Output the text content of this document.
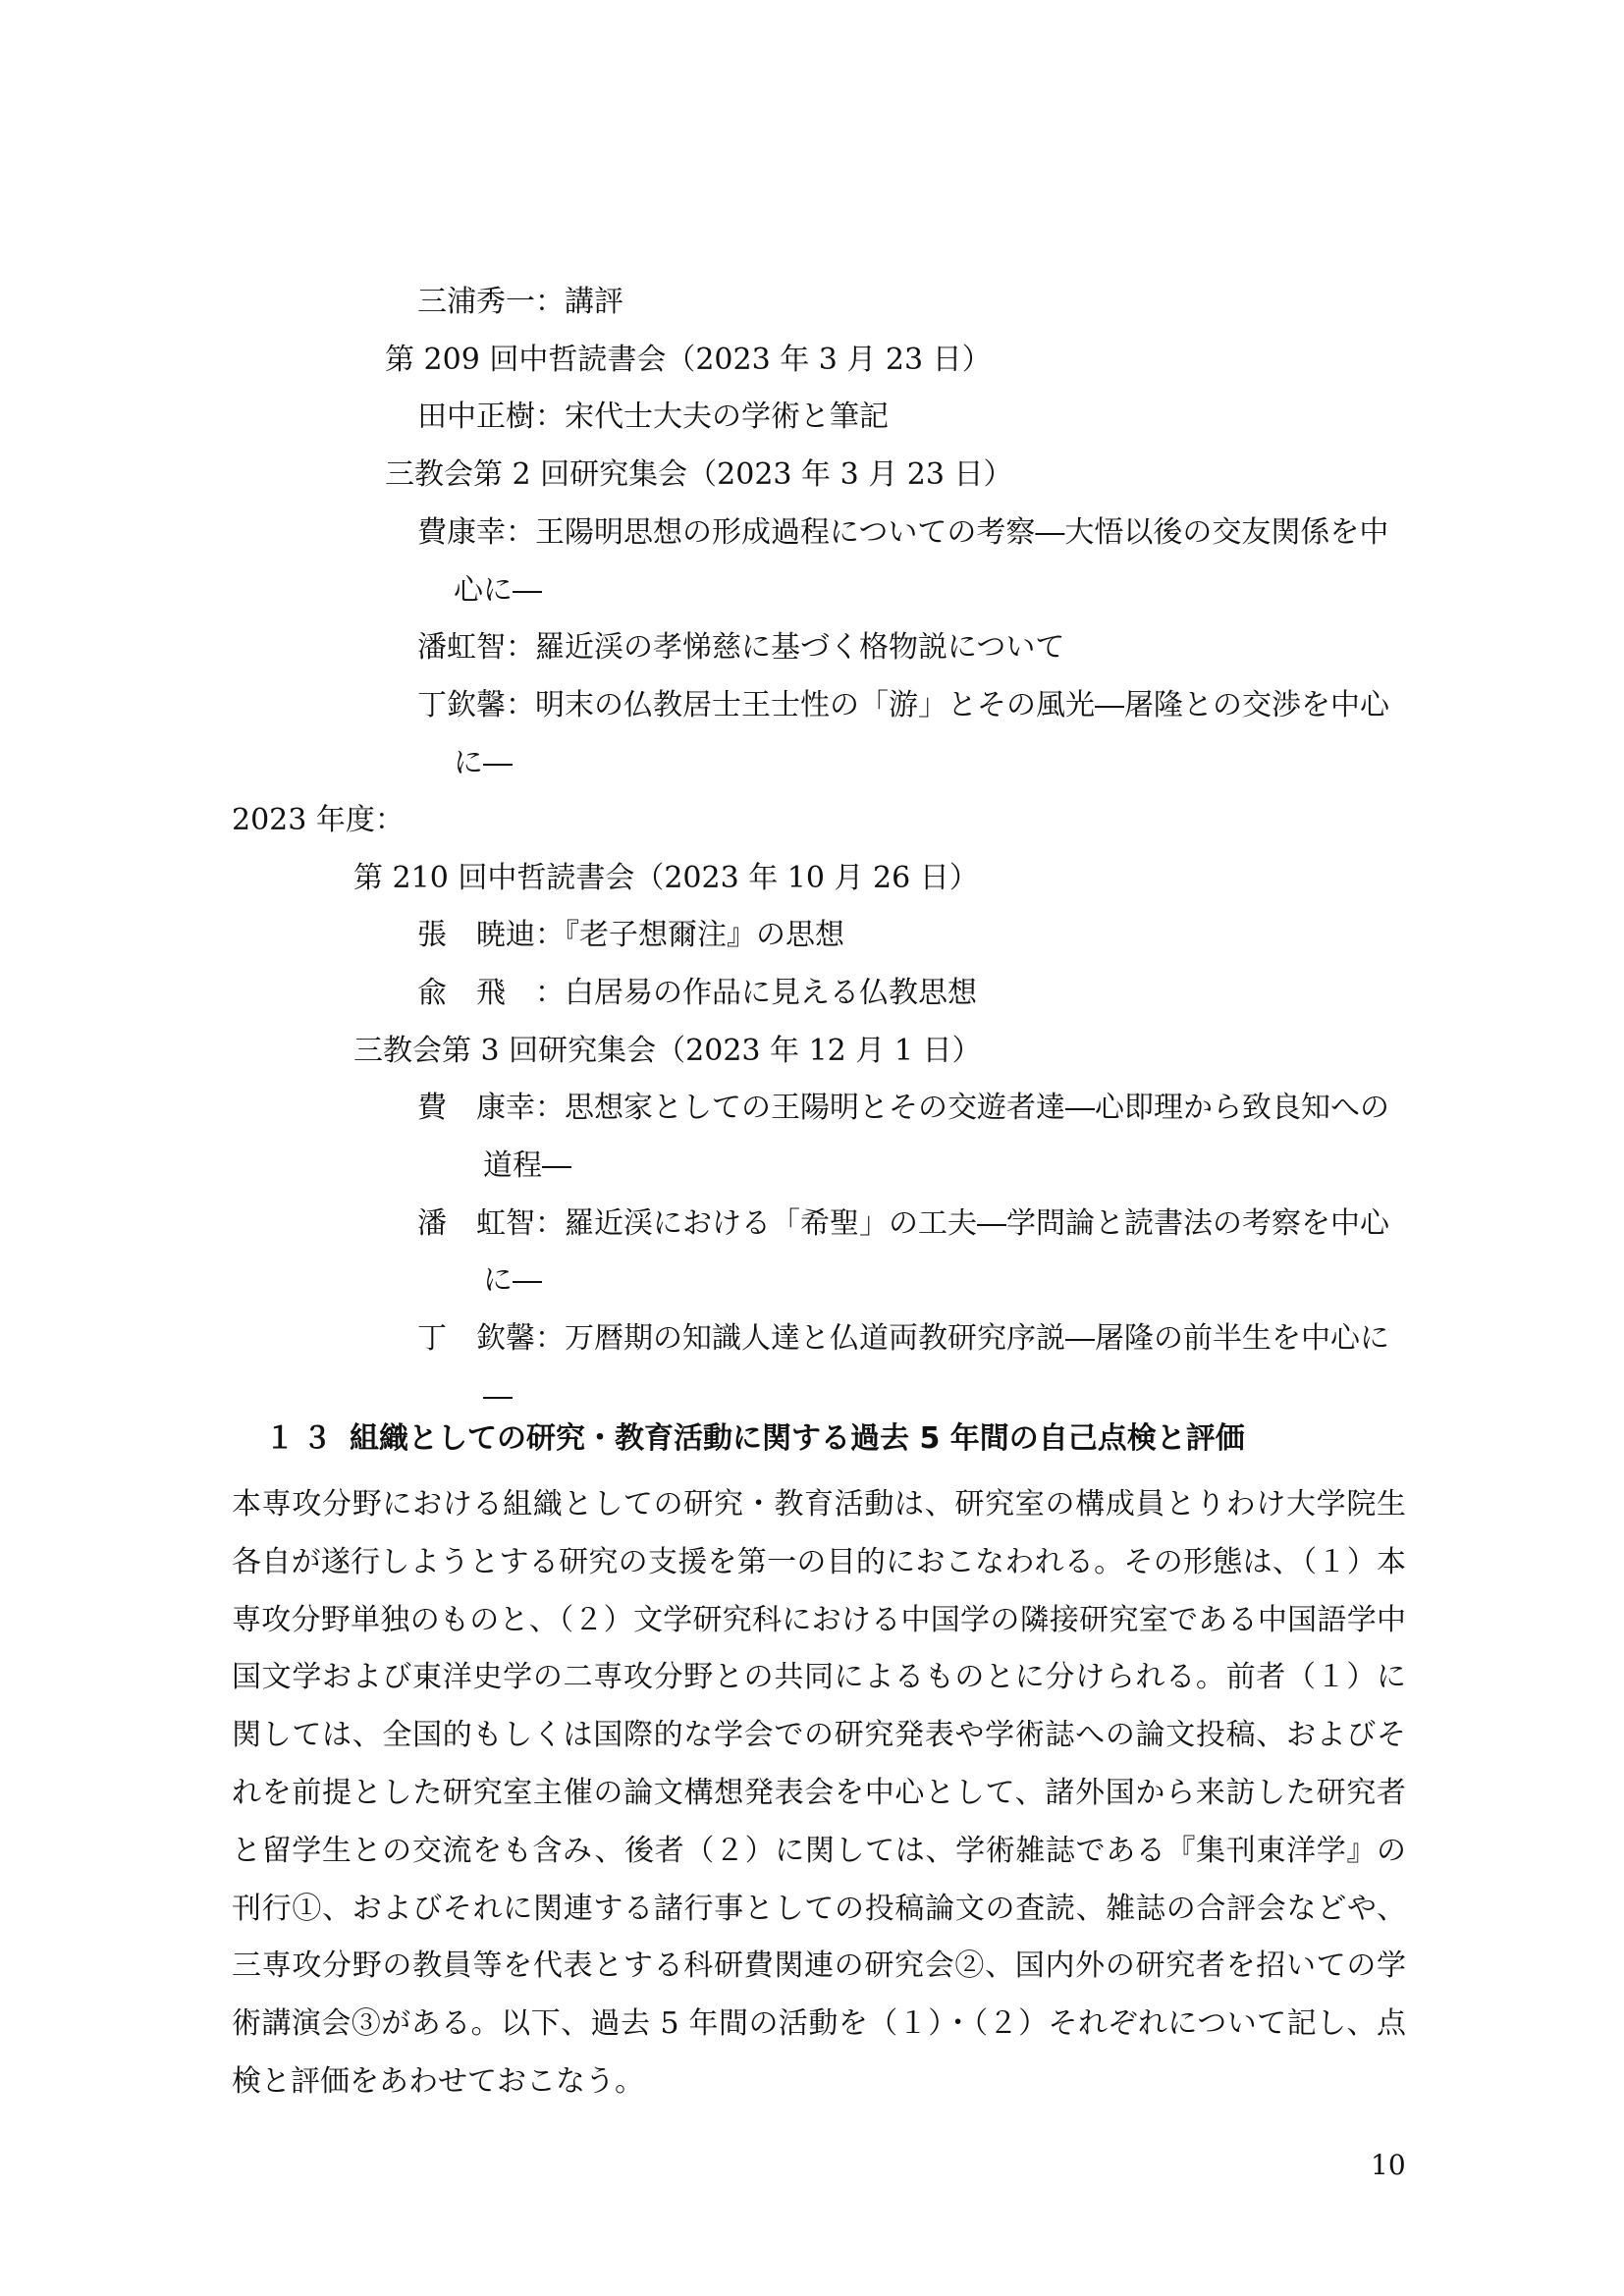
三浦秀一：講評
第 209 回中哲読書会（2023 年 3 月 23 日）
田中正樹：宋代士大夫の学術と筆記
三教会第 2 回研究集会（2023 年 3 月 23 日）
費康幸：王陽明思想の形成過程についての考察―大悟以後の交友関係を中
心に―
潘虹智：羅近渓の孝悌慈に基づく格物説について
丁欽馨：明末の仏教居士王士性の「游」とその風光―屠隆との交渉を中心
に―
2023 年度：
第 210 回中哲読書会（2023 年 10 月 26 日）
張　暁迪：『老子想爾注』の思想
兪　飛　：白居易の作品に見える仏教思想
三教会第 3 回研究集会（2023 年 12 月 1 日）
費　康幸：思想家としての王陽明とその交遊者達―心即理から致良知への
道程―
潘　虹智：羅近渓における「希聖」の工夫―学問論と読書法の考察を中心
に―
丁　欽馨：万暦期の知識人達と仏道両教研究序説―屠隆の前半生を中心に
―
１３ 組織としての研究・教育活動に関する過去 5 年間の自己点検と評価

本専攻分野における組織としての研究・教育活動は、研究室の構成員とりわけ大学院生各自が遂行しようとする研究の支援を第一の目的におこなわれる。その形態は、（１）本専攻分野単独のものと、（２）文学研究科における中国学の隣接研究室である中国語学中国文学および東洋史学の二専攻分野との共同によるものとに分けられる。前者（１）に関しては、全国的もしくは国際的な学会での研究発表や学術誌への論文投稿、およびそれを前提とした研究室主催の論文構想発表会を中心として、諸外国から来訪した研究者と留学生との交流をも含み、後者（２）に関しては、学術雑誌である『集刊東洋学』の刊行①、およびそれに関連する諸行事としての投稿論文の査読、雑誌の合評会などや、三専攻分野の教員等を代表とする科研費関連の研究会②、国内外の研究者を招いての学術講演会③がある。以下、過去 5 年間の活動を（１）・（２）それぞれについて記し、点検と評価をあわせておこなう。

10
